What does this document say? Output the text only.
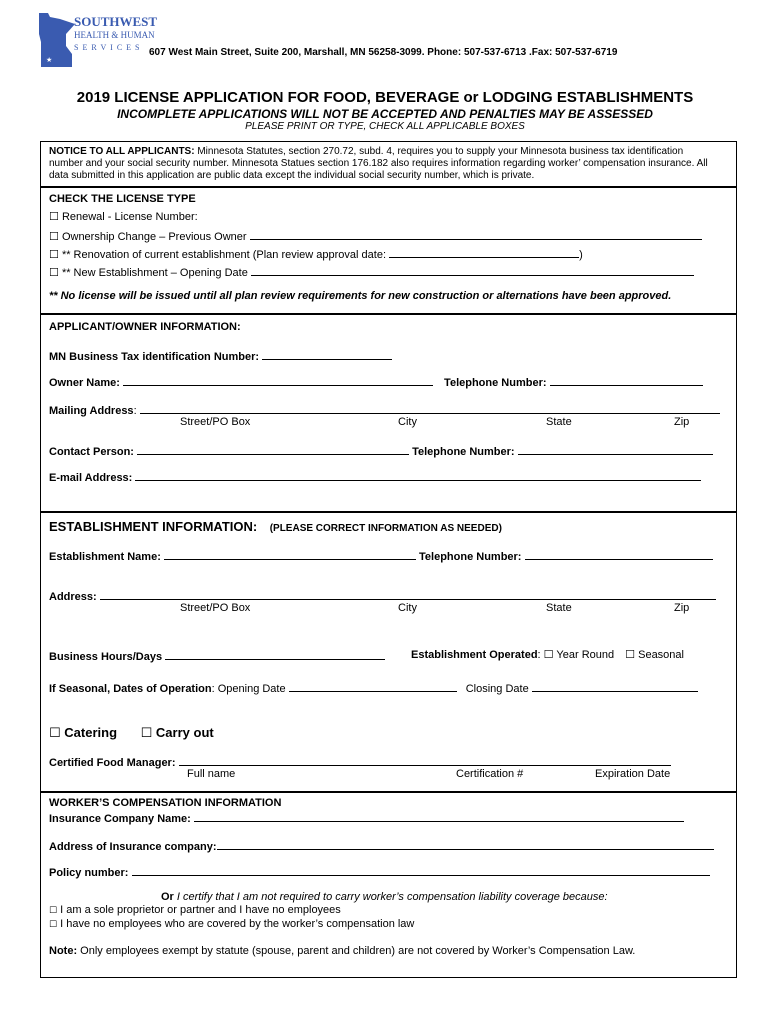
★
SOUTHWEST
HEALTH & HUMAN
S E R V I C E S 607 West Main Street, Suite 200, Marshall, MN 56258-3099. Phone: 507-537-6713 .Fax: 507-537-6719
2019 LICENSE APPLICATION FOR FOOD, BEVERAGE or LODGING ESTABLISHMENTS
INCOMPLETE APPLICATIONS WILL NOT BE ACCEPTED AND PENALTIES MAY BE ASSESSED
PLEASE PRINT OR TYPE, CHECK ALL APPLICABLE BOXES
NOTICE TO ALL APPLICANTS: Minnesota Statutes, section 270.72, subd. 4, requires you to supply your Minnesota business tax identification
number and your social security number. Minnesota Statues section 176.182 also requires information regarding worker’ compensation insurance. All
data submitted in this application are public data except the individual social security number, which is private.
CHECK THE LICENSE TYPE
☐ Renewal - License Number:
☐ Ownership Change – Previous Owner
☐ ** Renovation of current establishment (Plan review approval date:	)
☐ ** New Establishment – Opening Date
** No license will be issued until all plan review requirements for new construction or alternations have been approved.
APPLICANT/OWNER INFORMATION:
MN Business Tax identification Number:
Owner Name:	Telephone Number:
Mailing Address:
Street/PO Box	City	State	Zip
Contact Person:	Telephone Number:
E-mail Address:
ESTABLISHMENT INFORMATION: (PLEASE CORRECT INFORMATION AS NEEDED)
Establishment Name:	Telephone Number:
Address:
Street/PO Box	City	State	Zip
Business Hours/Days	Establishment Operated: ☐ Year Round ☐ Seasonal
If Seasonal, Dates of Operation: Opening Date	Closing Date
☐ Catering ☐ Carry out
Certified Food Manager:
Full name	Certification #	Expiration Date
WORKER’S COMPENSATION INFORMATION
Insurance Company Name:
Address of Insurance company:
Policy number:
Or I certify that I am not required to carry worker’s compensation liability coverage because:
☐ I am a sole proprietor or partner and I have no employees
☐ I have no employees who are covered by the worker’s compensation law
Note: Only employees exempt by statute (spouse, parent and children) are not covered by Worker’s Compensation Law.
